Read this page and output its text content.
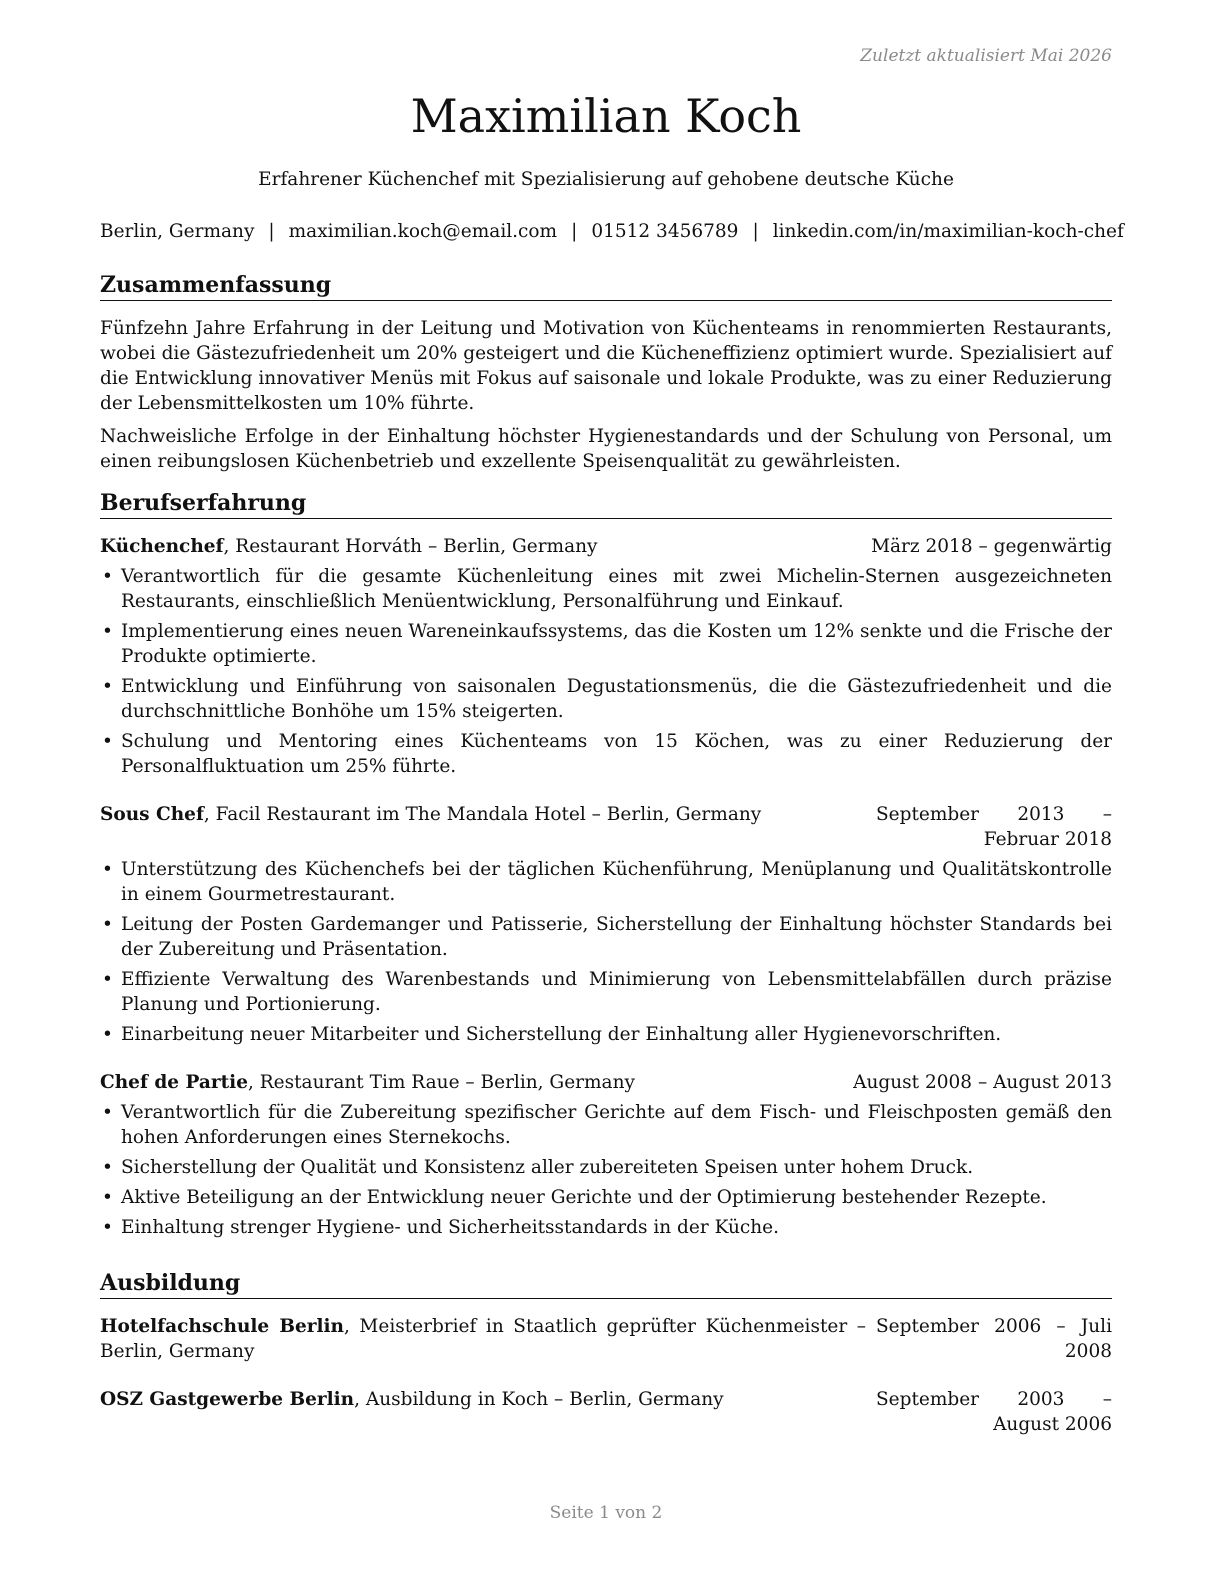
Zuletzt aktualisiert Mai 2026
Maximilian Koch
Erfahrener Küchenchef mit Spezialisierung auf gehobene deutsche Küche
Berlin, Germany | maximilian.koch@email.com | 01512 3456789 | linkedin.com/in/maximilian-koch-chef
Zusammenfassung

Fünfzehn Jahre Erfahrung in der Leitung und Motivation von Küchenteams in renommierten Restaurants, wobei die Gästezufriedenheit um 20% gesteigert und die Kücheneffizienz optimiert wurde. Spezialisiert auf die Entwicklung innovativer Menüs mit Fokus auf saisonale und lokale Produkte, was zu einer Reduzierung der Lebensmittelkosten um 10% führte.

Nachweisliche Erfolge in der Einhaltung höchster Hygienestandards und der Schulung von Personal, um einen reibungslosen Küchenbetrieb und exzellente Speisenqualität zu gewährleisten.

Berufserfahrung
Küchenchef, Restaurant Horváth – Berlin, Germany	März 2018 – gegenwärtig
• Verantwortlich für die gesamte Küchenleitung eines mit zwei Michelin-Sternen ausgezeichneten Restaurants, einschließlich Menüentwicklung, Personalführung und Einkauf.
• Implementierung eines neuen Wareneinkaufssystems, das die Kosten um 12% senkte und die Frische der Produkte optimierte.
• Entwicklung und Einführung von saisonalen Degustationsmenüs, die die Gästezufriedenheit und die durchschnittliche Bonhöhe um 15% steigerten.
• Schulung und Mentoring eines Küchenteams von 15 Köchen, was zu einer Reduzierung der Personalfluktuation um 25% führte.
Sous Chef, Facil Restaurant im The Mandala Hotel – Berlin, Germany	September 2013 – Februar 2018
• Unterstützung des Küchenchefs bei der täglichen Küchenführung, Menüplanung und Qualitätskontrolle in einem Gourmetrestaurant.
• Leitung der Posten Gardemanger und Patisserie, Sicherstellung der Einhaltung höchster Standards bei der Zubereitung und Präsentation.
• Effiziente Verwaltung des Warenbestands und Minimierung von Lebensmittelabfällen durch präzise Planung und Portionierung.
• Einarbeitung neuer Mitarbeiter und Sicherstellung der Einhaltung aller Hygienevorschriften.
Chef de Partie, Restaurant Tim Raue – Berlin, Germany	August 2008 – August 2013
• Verantwortlich für die Zubereitung spezifischer Gerichte auf dem Fisch- und Fleischposten gemäß den hohen Anforderungen eines Sternekochs.
• Sicherstellung der Qualität und Konsistenz aller zubereiteten Speisen unter hohem Druck.
• Aktive Beteiligung an der Entwicklung neuer Gerichte und der Optimierung bestehender Rezepte.
• Einhaltung strenger Hygiene- und Sicherheitsstandards in der Küche.
Ausbildung
Hotelfachschule Berlin, Meisterbrief in Staatlich geprüfter Küchenmeister – Berlin, Germany
September 2006 – Juli 2008
OSZ Gastgewerbe Berlin, Ausbildung in Koch – Berlin, Germany	September 2003 – August 2006
Seite 1 von 2
